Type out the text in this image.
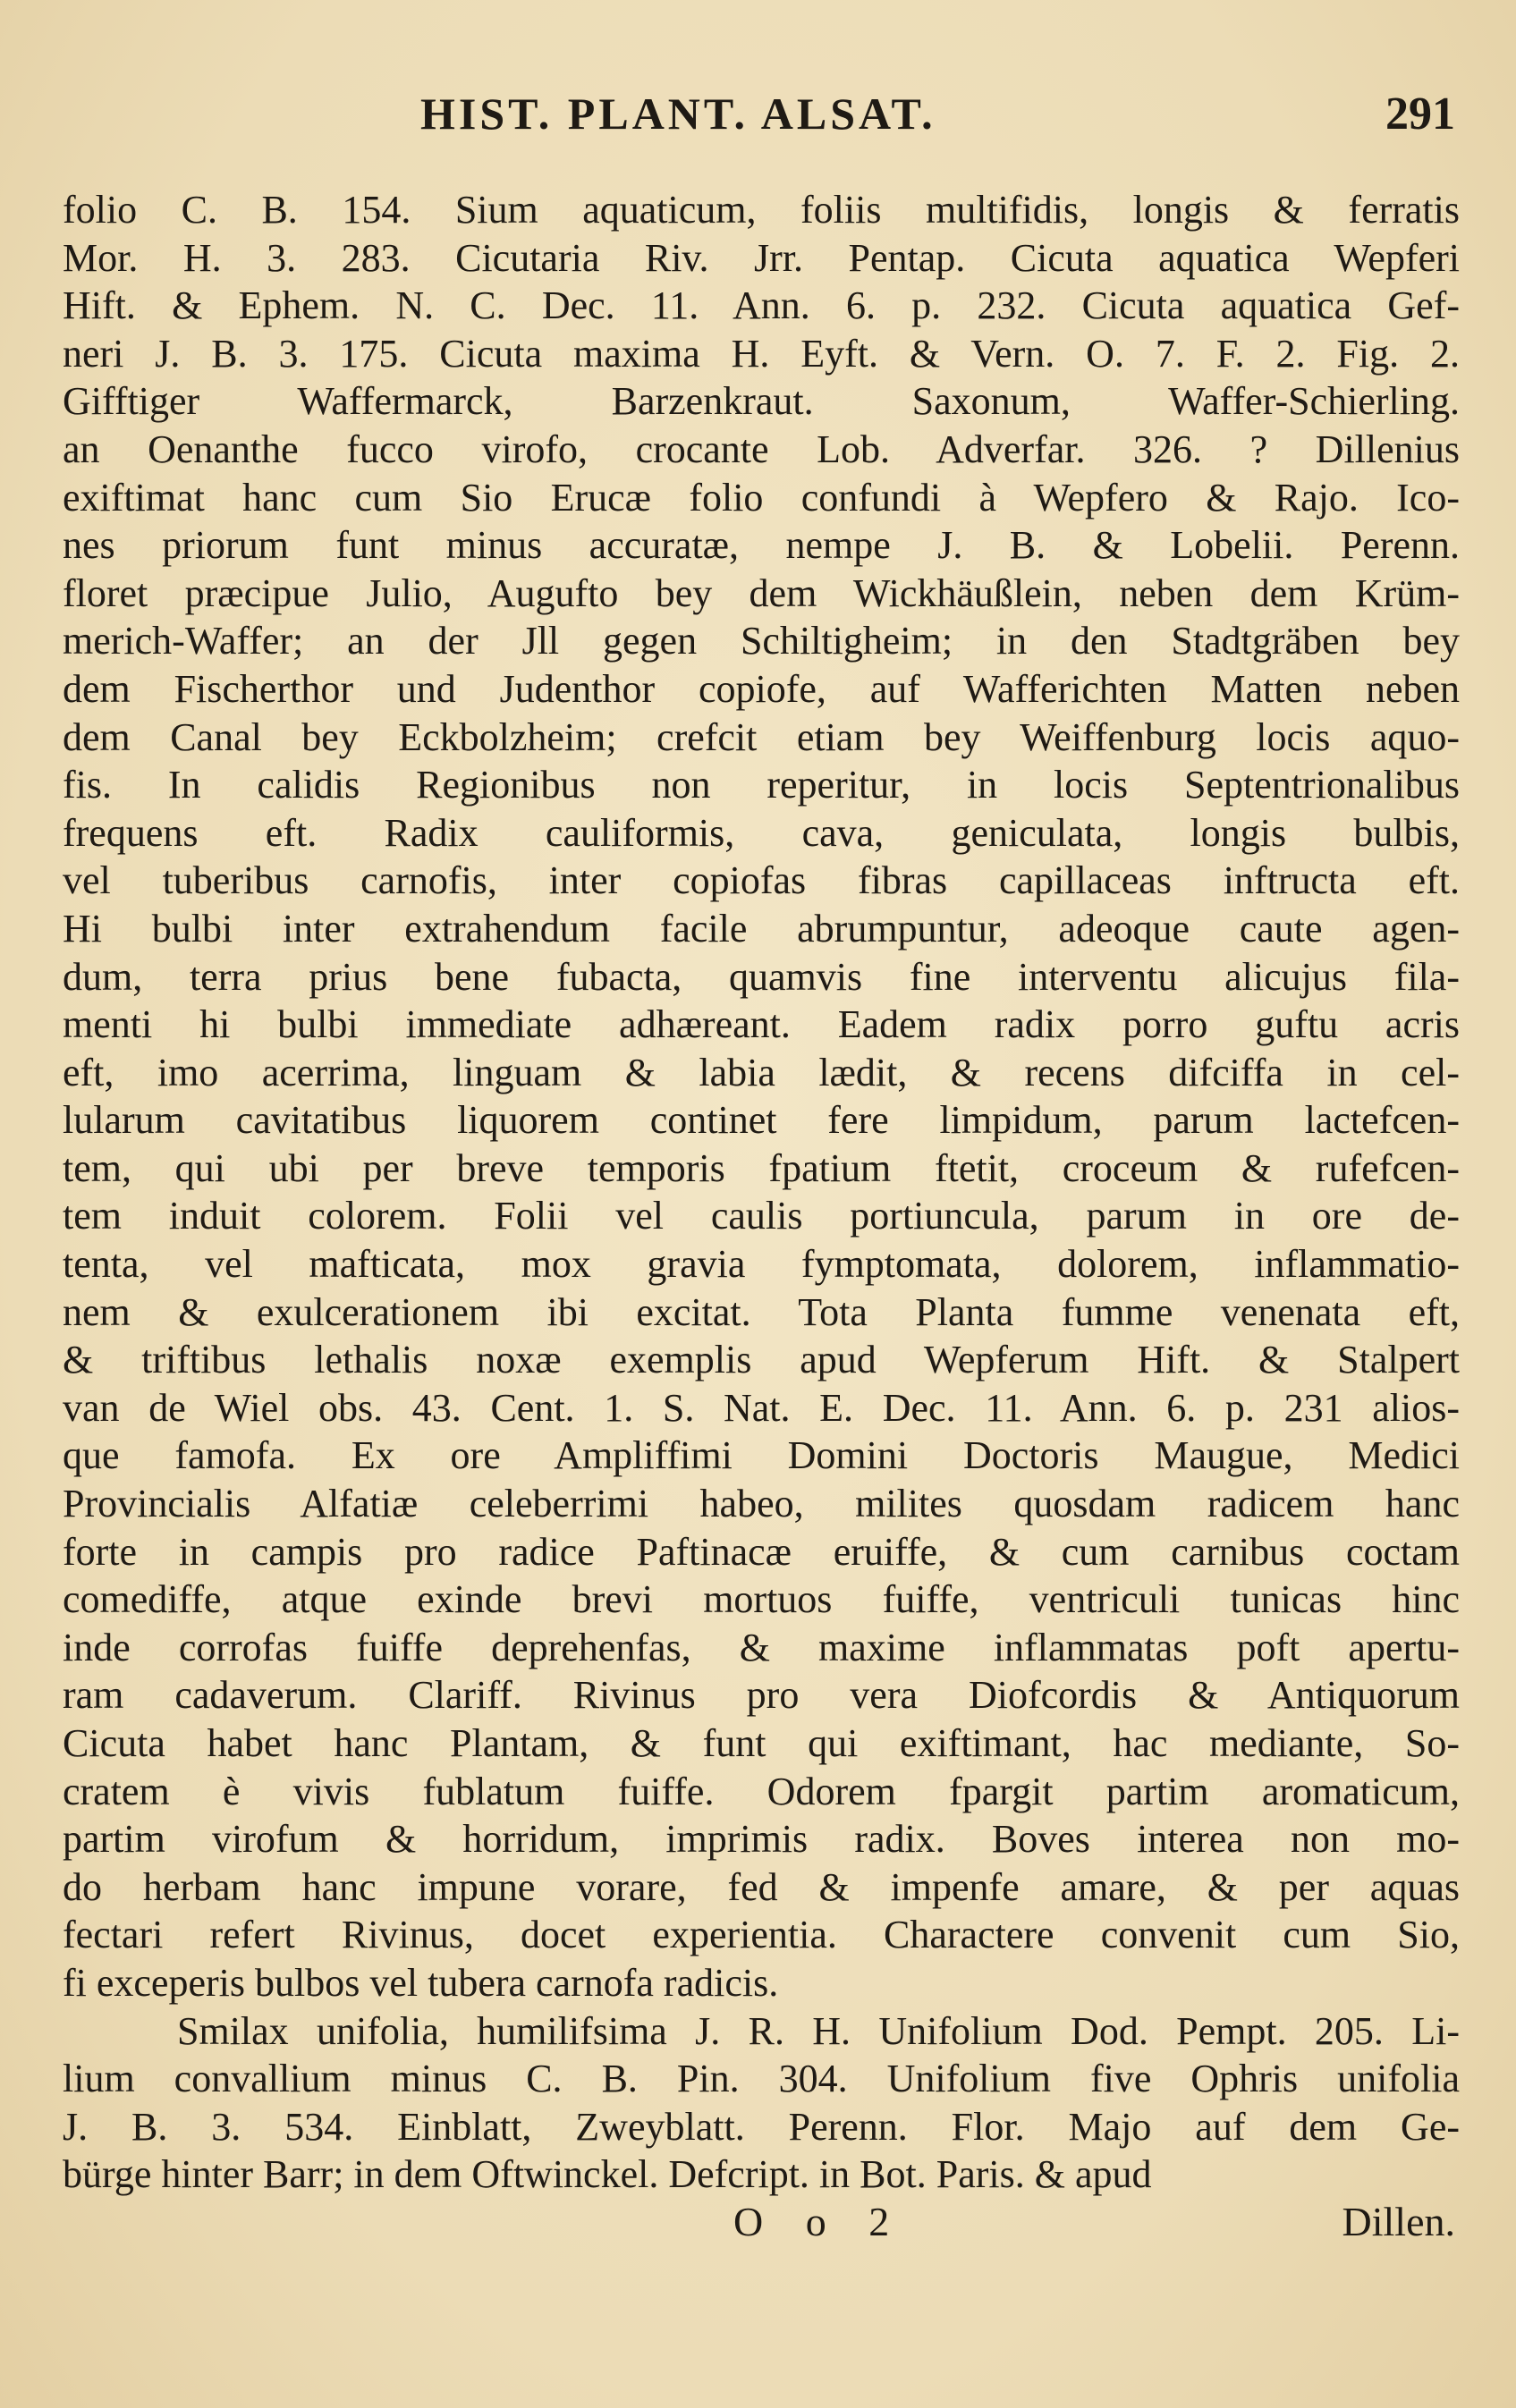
HIST. PLANT. ALSAT.	291
folio C. B. 154. Sium aquaticum, foliis multifidis, longis & ferratis
Mor. H. 3. 283. Cicutaria Riv. Jrr. Pentap. Cicuta aquatica Wepferi
Hift. & Ephem. N. C. Dec. 11. Ann. 6. p. 232. Cicuta aquatica Gef-
neri J. B. 3. 175. Cicuta maxima H. Eyft. & Vern. O. 7. F. 2. Fig. 2.
Gifftiger Waffermarck, Barzenkraut. Saxonum, Waffer-Schierling.
an Oenanthe fucco virofo, crocante Lob. Adverfar. 326. ? Dillenius
exiftimat hanc cum Sio Erucæ folio confundi à Wepfero & Rajo. Ico-
nes priorum funt minus accuratæ, nempe J. B. & Lobelii. Perenn.
floret præcipue Julio, Augufto bey dem Wickhäußlein, neben dem Krüm-
merich-Waffer; an der Jll gegen Schiltigheim; in den Stadtgräben bey
dem Fischerthor und Judenthor copiofe, auf Wafferichten Matten neben
dem Canal bey Eckbolzheim; crefcit etiam bey Weiffenburg locis aquo-
fis. In calidis Regionibus non reperitur, in locis Septentrionalibus
frequens eft. Radix cauliformis, cava, geniculata, longis bulbis,
vel tuberibus carnofis, inter copiofas fibras capillaceas inftructa eft.
Hi bulbi inter extrahendum facile abrumpuntur, adeoque caute agen-
dum, terra prius bene fubacta, quamvis fine interventu alicujus fila-
menti hi bulbi immediate adhæreant. Eadem radix porro guftu acris
eft, imo acerrima, linguam & labia lædit, & recens difciffa in cel-
lularum cavitatibus liquorem continet fere limpidum, parum lactefcen-
tem, qui ubi per breve temporis fpatium ftetit, croceum & rufefcen-
tem induit colorem. Folii vel caulis portiuncula, parum in ore de-
tenta, vel mafticata, mox gravia fymptomata, dolorem, inflammatio-
nem & exulcerationem ibi excitat. Tota Planta fumme venenata eft,
& triftibus lethalis noxæ exemplis apud Wepferum Hift. & Stalpert
van de Wiel obs. 43. Cent. 1. S. Nat. E. Dec. 11. Ann. 6. p. 231 alios-
que famofa. Ex ore Ampliffimi Domini Doctoris Maugue, Medici
Provincialis Alfatiæ celeberrimi habeo, milites quosdam radicem hanc
forte in campis pro radice Paftinacæ eruiffe, & cum carnibus coctam
comediffe, atque exinde brevi mortuos fuiffe, ventriculi tunicas hinc
inde corrofas fuiffe deprehenfas, & maxime inflammatas poft apertu-
ram cadaverum. Clariff. Rivinus pro vera Diofcordis & Antiquorum
Cicuta habet hanc Plantam, & funt qui exiftimant, hac mediante, So-
cratem è vivis fublatum fuiffe. Odorem fpargit partim aromaticum,
partim virofum & horridum, imprimis radix. Boves interea non mo-
do herbam hanc impune vorare, fed & impenfe amare, & per aquas
fectari refert Rivinus, docet experientia. Charactere convenit cum Sio,
fi exceperis bulbos vel tubera carnofa radicis.
Smilax unifolia, humilifsima J. R. H. Unifolium Dod. Pempt. 205. Li-
lium convallium minus C. B. Pin. 304. Unifolium five Ophris unifolia
J. B. 3. 534. Einblatt, Zweyblatt. Perenn. Flor. Majo auf dem Ge-
bürge hinter Barr; in dem Oftwinckel. Defcript. in Bot. Paris. & apud
O o 2	Dillen.
